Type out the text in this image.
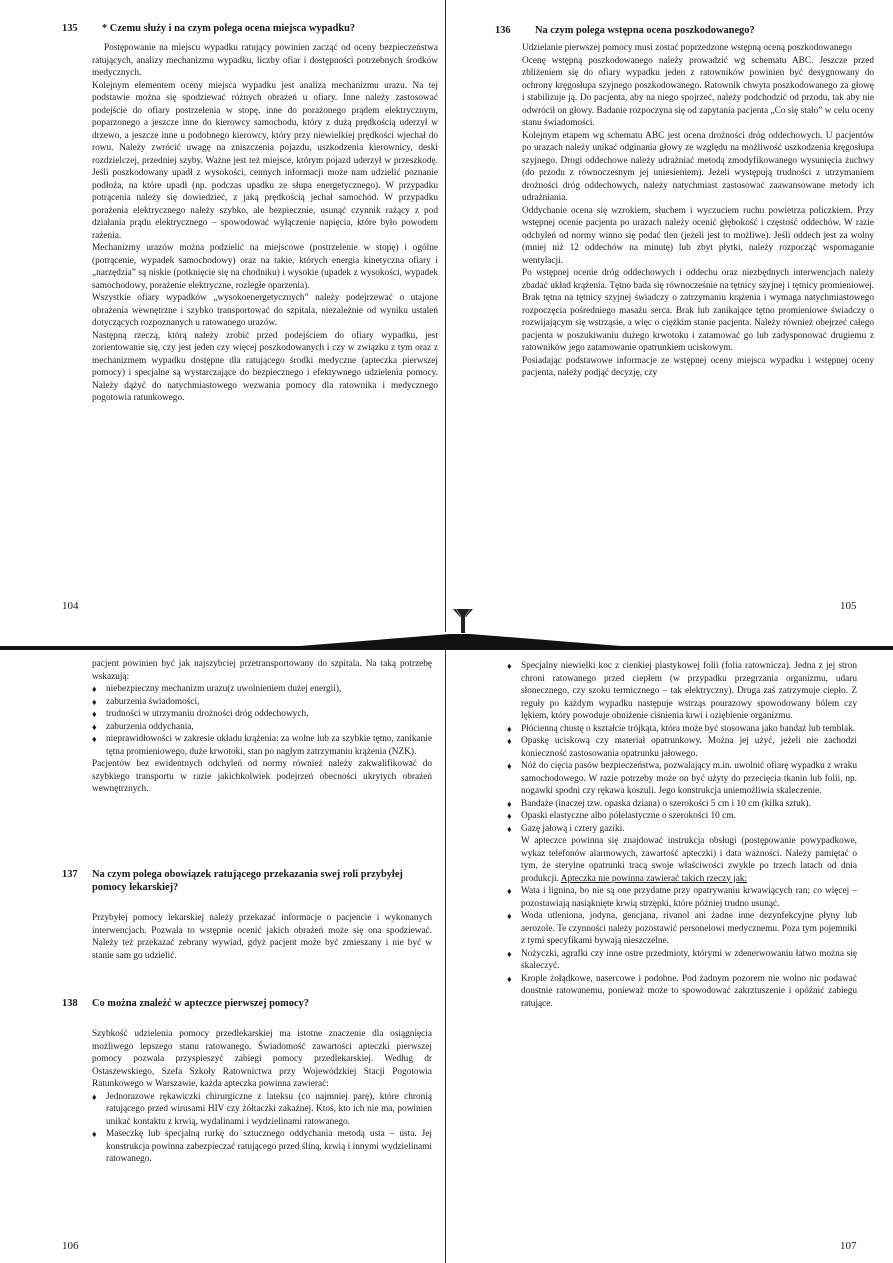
135	* Czemu służy i na czym polega ocena miejsca wypadku?

Postępowanie na miejscu wypadku ratujący powinien zacząć od oceny bezpieczeństwa ratujących, analizy mechanizmu wypadku, liczby ofiar i dostępności potrzebnych środków medycznych.

Kolejnym elementem oceny miejsca wypadku jest analiza mechanizmu urazu. Na tej podstawie można się spodziewać różnych obrażeń u ofiary. Inne należy zastosować podejście do ofiary postrzelenia w stopę, inne do porażonego prądem elektrycznym, poparzonego a jeszcze inne do kierowcy samochodu, który z dużą prędkością uderzył w drzewo, a jeszcze inne u podobnego kierowcy, który przy niewielkiej prędkości wjechał do rowu. Należy zwrócić uwagę na zniszczenia pojazdu, uszkodzenia kierownicy, deski rozdzielczej, przedniej szyby. Ważne jest też miejsce, którym pojazd uderzył w przeszkodę. Jeśli poszkodowany upadł z wysokości, cennych informacji może nam udzielić poznanie podłoża, na które upadł (np. podczas upadku ze słupa energetycznego). W przypadku potrącenia należy się dowiedzieć, z jaką prędkością jechał samochód. W przypadku porażenia elektrycznego należy szybko, ale bezpiecznie, usunąć czynnik rażący z pod działania prądu elektrycznego – spowodować wyłączenie napięcia, które było powodem rażenia.

Mechanizmy urazów można podzielić na miejscowe (postrzelenie w stopę) i ogólne (potrącenie, wypadek samochodowy) oraz na takie, których energia kinetyczna ofiary i „narzędzia” są niskie (potknięcie się na chodniku) i wysokie (upadek z wysokości, wypadek samochodowy, porażenie elektryczne, rozległe oparzenia).

Wszystkie ofiary wypadków „wysokoenergetycznych” należy podejrzewać o utajone obrażenia wewnętrzne i szybko transportować do szpitala, niezależnie od wyniku ustaleń dotyczących rozpoznanych u ratowanego urazów.

Następną rzeczą, którą należy zrobić przed podejściem do ofiary wypadku, jest zorientowanie się, czy jest jeden czy więcej poszkodowanych i czy w związku z tym oraz z mechanizmem wypadku dostępne dla ratującego środki medyczne (apteczka pierwszej pomocy) i specjalne są wystarczające do bezpiecznego i efektywnego udzielenia pomocy. Należy dążyć do natychmiastowego wezwania pomocy dla ratownika i medycznego pogotowia ratunkowego.

104
136	Na czym polega wstępna ocena poszkodowanego?

Udzielanie pierwszej pomocy musi zostać poprzedzone wstępną oceną poszkodowanego

Ocenę wstępną poszkodowanego należy prowadzić wg schematu ABC. Jeszcze przed zbliżeniem się do ofiary wypadku jeden z ratowników powinien być desygnowany do ochrony kręgosłupa szyjnego poszkodowanego. Ratownik chwyta poszkodowanego za głowę i stabilizuje ją. Do pacjenta, aby na niego spojrzeć, należy podchodzić od przodu, tak aby nie odwrócił on głowy. Badanie rozpoczyna się od zapytania pacjenta „Co się stało” w celu oceny stanu świadomości.

Kolejnym etapem wg schematu ABC jest ocena drożności dróg oddechowych. U pacjentów po urazach należy unikać odginania głowy ze względu na możliwość uszkodzenia kręgosłupa szyjnego. Drogi oddechowe należy udrażniać metodą zmodyfikowanego wysunięcia żuchwy (do przodu z równoczesnym jej uniesieniem). Jeżeli występują trudności z utrzymaniem drożności dróg oddechowych, należy natychmiast zastosować zaawansowane metody ich udrażniania.

Oddychanie ocena się wzrokiem, słuchem i wyczuciem ruchu powietrza policzkiem. Przy wstępnej ocenie pacjenta po urazach należy ocenić głębokość i częstość oddechów. W razie odchyleń od normy winno się podać tlen (jeżeli jest to możliwe). Jeśli oddech jest za wolny (mniej niż 12 oddechów na minutę) lub zbyt płytki, należy rozpocząć wspomaganie wentylacji.

Po wstępnej ocenie dróg oddechowych i oddechu oraz niezbędnych interwencjach należy zbadać układ krążenia. Tętno bada się równocześnie na tętnicy szyjnej i tętnicy promieniowej. Brak tętna na tętnicy szyjnej świadczy o zatrzymaniu krążenia i wymaga natychmiastowego rozpoczęcia pośredniego masażu serca. Brak lub zanikające tętno promieniowe świadczy o rozwijającym się wstrząsie, a więc o ciężkim stanie pacjenta. Należy również obejrzeć całego pacjenta w poszukiwaniu dużego krwotoku i zatamować go lub zadysponować drugiemu z ratowników jego zatamowanie opatrunkiem uciskowym.

Posiadając podstawowe informacje ze wstępnej oceny miejsca wypadku i wstępnej oceny pacjenta, należy podjąć decyzję, czy

105

pacjent powinien być jak najszybciej przetransportowany do szpitala. Na taką potrzebę wskazują:

♦ niebezpieczny mechanizm urazu(z uwolnieniem dużej energii),
♦ zaburzenia świadomości,
♦ trudności w utrzymaniu drożności dróg oddechowych,
♦ zaburzenia oddychania,
♦ nieprawidłowości w zakresie układu krążenia: za wolne lub za szybkie tętno, zanikanie tętna promieniowego, duże krwotoki, stan po nagłym zatrzymaniu krążenia (NZK).

Pacjentów bez ewidentnych odchyleń od normy również należy zakwalifikować do szybkiego transportu w razie jakichkolwiek podejrzeń obecności ukrytych obrażeń wewnętrznych.

137	Na czym polega obowiązek ratującego przekazania swej roli przybyłej pomocy lekarskiej?

Przybyłej pomocy lekarskiej należy przekazać informacje o pacjencie i wykonanych interwencjach. Pozwala to wstępnie ocenić jakich obrażeń może się ona spodziewać. Należy też przekazać zebrany wywiad, gdyż pacjent może być zmieszany i nie być w stanie sam go udzielić.

138	Co można znaleźć w apteczce pierwszej pomocy?

Szybkość udzielenia pomocy przedlekarskiej ma istotne znaczenie dla osiągnięcia możliwego lepszego stanu ratowanego. Świadomość zawartości apteczki pierwszej pomocy pozwala przyspieszyć zabiegi pomocy przedlekarskiej. Według dr Ostaszewskiego, Szefa Szkoły Ratownictwa przy Wojewódzkiej Stacji Pogotowia Ratunkowego w Warszawie, każda apteczka powinna zawierać:

♦ Jednorazowe rękawiczki chirurgiczne z lateksu (co najmniej parę), które chronią ratującego przed wirusami HIV czy żółtaczki zakaźnej. Ktoś, kto ich nie ma, powinien unikać kontaktu z krwią, wydalinami i wydzielinami ratowanego.
♦ Maseczkę lub specjalną rurkę do sztucznego oddychania metodą usta – usta. Jej konstrukcja powinna zabezpieczać ratującego przed śliną, krwią i innymi wydzielinami ratowanego.
106
♦ Specjalny niewielki koc z cienkiej plastykowej folii (folia ratownicza). Jedna z jej stron chroni ratowanego przed ciepłem (w przypadku przegrzania organizmu, udaru słonecznego, czy szoku termicznego – tak elektryczny). Druga zaś zatrzymuje ciepło. Z reguły po każdym wypadku następuje wstrząs pourazowy spowodowany bólem czy lękiem, który powoduje obniżenie ciśnienia krwi i oziębienie organizmu.
♦ Płócienną chustę o kształcie trójkąta, która może być stosowana jako bandaż lub temblak.
♦ Opaskę uciskową czy materiał opatrunkowy. Można jej użyć, jeżeli nie zachodzi konieczność zastosowania opatrunku jałowego.
♦ Nóż do cięcia pasów bezpieczeństwa, pozwalający m.in. uwolnić ofiarę wypadku z wraku samochodowego. W razie potrzeby może on być użyty do przecięcia tkanin lub folii, np. nogawki spodni czy rękawa koszuli. Jego konstrukcja uniemożliwia skaleczenie.
♦ Bandaże (inaczej tzw. opaska dziana) o szerokości 5 cm i 10 cm (kilka sztuk).
♦ Opaski elastyczne albo półelastyczne o szerokości 10 cm.
♦ Gazę jałową i cztery gaziki.

W apteczce powinna się znajdować instrukcja obsługi (postępowanie powypadkowe, wykaz telefonów alarmowych, zawartość apteczki) i data ważności. Należy pamiętać o tym, że sterylne opatrunki tracą swoje właściwości zwykle po trzech latach od dnia produkcji. Apteczka nie powinna zawierać takich rzeczy jak:

♦ Wata i lignina, bo nie są one przydatne przy opatrywaniu krwawiących ran; co więcej – pozostawiają nasiąknięte krwią strzępki, które później trudno usunąć.
♦ Woda utleniona, jodyna, gencjana, rivanol ani żadne inne dezynfekcyjne płyny lub aerozole. Te czynności należy pozostawić personelowi medycznemu. Poza tym pojemniki z tymi specyfikami bywają nieszczelne.
♦ Nożyczki, agrafki czy inne ostre przedmioty, którymi w zdenerwowaniu łatwo można się skaleczyć.
♦ Krople żołądkowe, nasercowe i podobne. Pod żadnym pozorem nie wolno nic podawać doustnie ratowanemu, ponieważ może to spowodować zakrztuszenie i opóźnić zabiegu ratujące.
107
